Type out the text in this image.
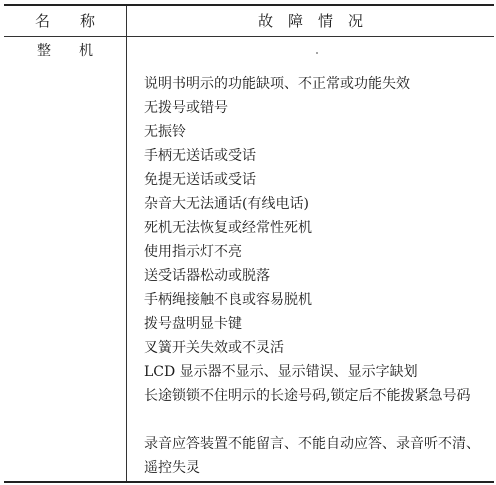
名　　称	故　障　情　况
整　　机
说明书明示的功能缺项、不正常或功能失效
无拨号或错号
无振铃
手柄无送话或受话
免提无送话或受话
杂音大无法通话(有线电话)
死机无法恢复或经常性死机
使用指示灯不亮
送受话器松动或脱落
手柄绳接触不良或容易脱机
拨号盘明显卡键
叉簧开关失效或不灵活
LCD 显示器不显示、显示错误、显示字缺划
长途锁锁不住明示的长途号码,锁定后不能拨紧急号码
录音应答装置不能留言、不能自动应答、录音听不清、遥控失灵
